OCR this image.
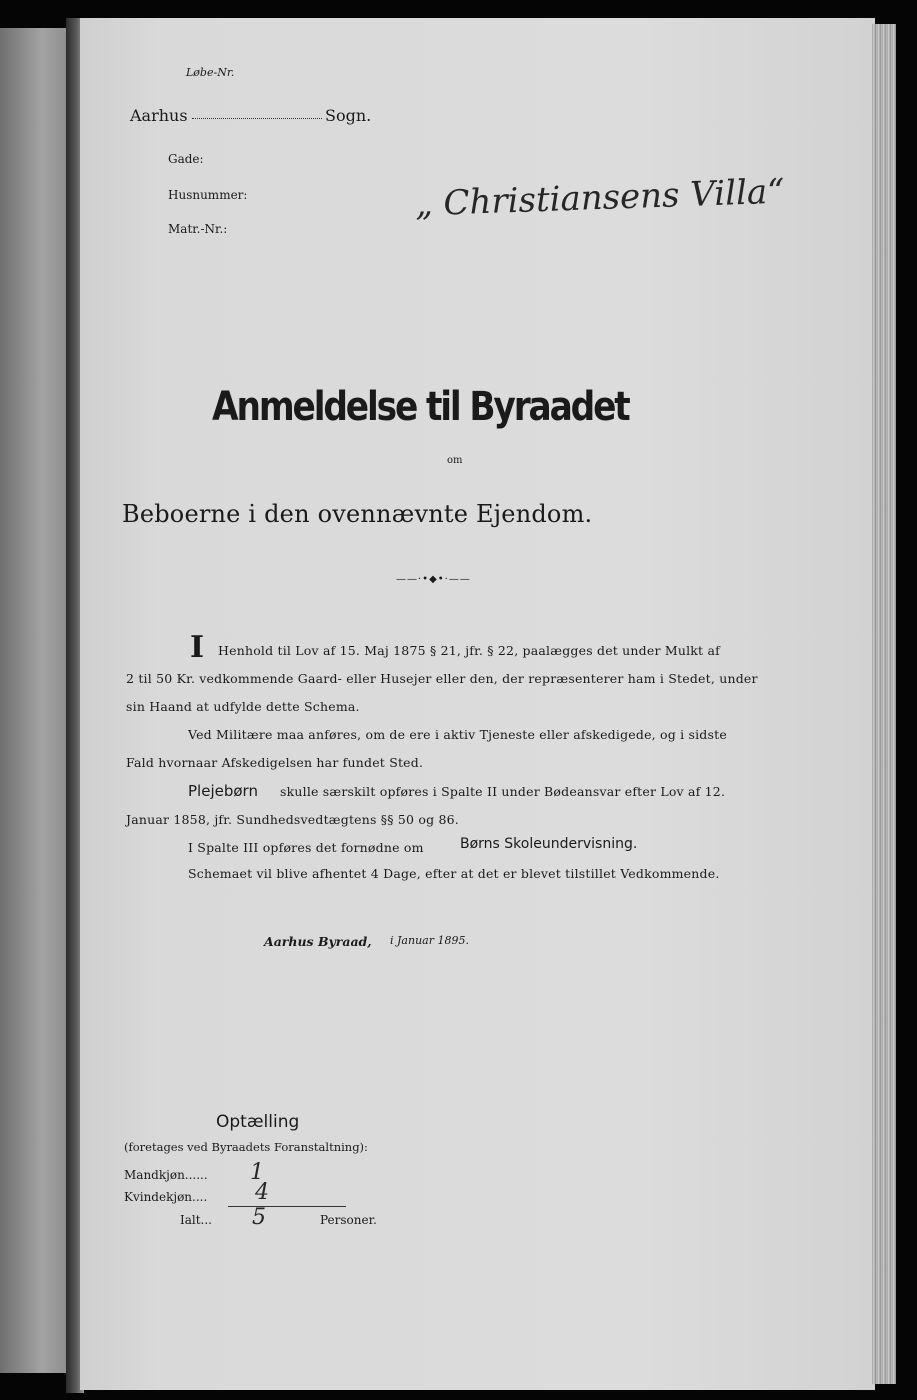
Løbe-Nr.
Aarhus	Sogn.
Gade:
Husnummer:
Matr.-Nr.:
„ Christiansens Villa“
Anmeldelse til Byraadet
om
Beboerne i den ovennævnte Ejendom.
——·•◆•·——
I Henhold til Lov af 15. Maj 1875 § 21, jfr. § 22, paalægges det under Mulkt af
2 til 50 Kr. vedkommende Gaard- eller Husejer eller den, der repræsenterer ham i Stedet, under
sin Haand at udfylde dette Schema.
Ved Militære maa anføres, om de ere i aktiv Tjeneste eller afskedigede, og i sidste
Fald hvornaar Afskedigelsen har fundet Sted.
Plejebørn skulle særskilt opføres i Spalte II under Bødeansvar efter Lov af 12.
Januar 1858, jfr. Sundhedsvedtægtens §§ 50 og 86.
I Spalte III opføres det fornødne om	Børns Skoleundervisning.
Schemaet vil blive afhentet 4 Dage, efter at det er blevet tilstillet Vedkommende.
Aarhus Byraad, i Januar 1895.
Optælling
(foretages ved Byraadets Foranstaltning):
Mandkjøn...... 1
Kvindekjøn.... 4
Ialt... 5	Personer.
